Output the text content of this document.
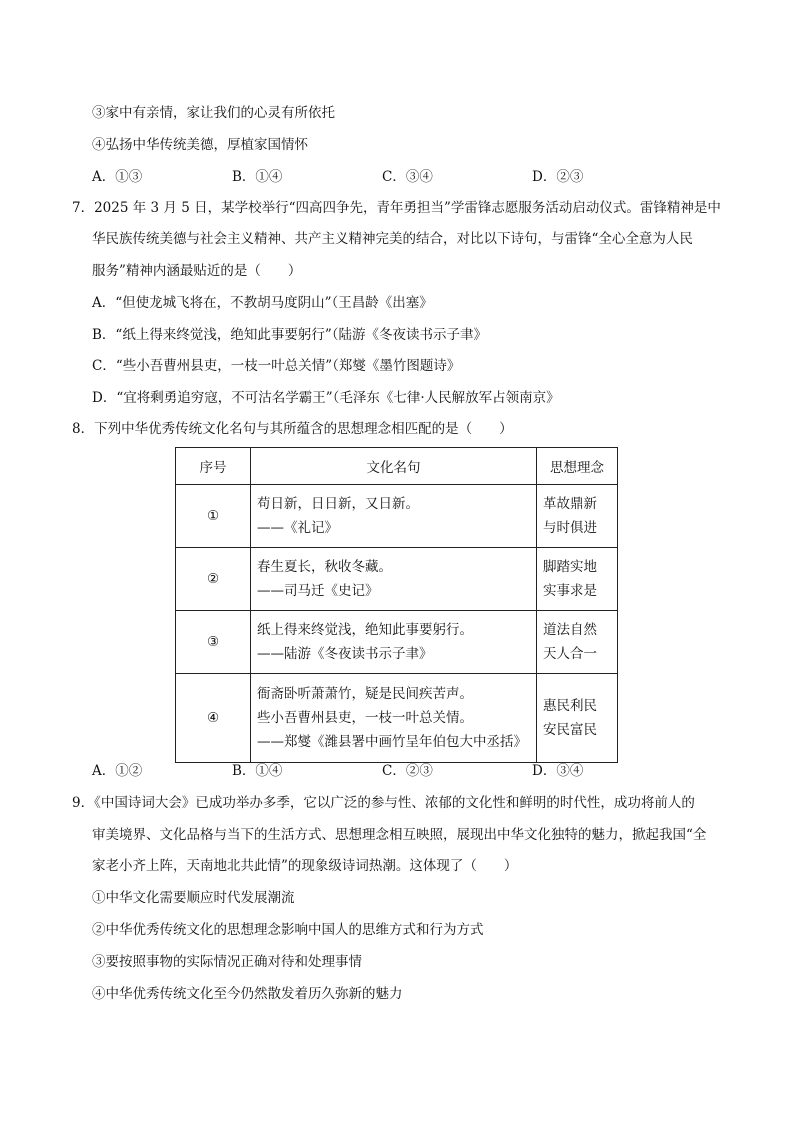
③家中有亲情，家让我们的心灵有所依托
④弘扬中华传统美德，厚植家国情怀
A．①③	B．①④	C．③④	D．②③
7．2025 年 3 月 5 日，某学校举行“四高四争先，青年勇担当”学雷锋志愿服务活动启动仪式。雷锋精神是中
华民族传统美德与社会主义精神、共产主义精神完美的结合，对比以下诗句，与雷锋“全心全意为人民
服务”精神内涵最贴近的是（　　）
A．“但使龙城飞将在，不教胡马度阴山”（王昌龄《出塞》
B．“纸上得来终觉浅，绝知此事要躬行”（陆游《冬夜读书示子聿》
C．“些小吾曹州县吏，一枝一叶总关情”（郑燮《墨竹图题诗》
D．“宜将剩勇追穷寇，不可沽名学霸王”（毛泽东《七律·人民解放军占领南京》
8．下列中华优秀传统文化名句与其所蕴含的思想理念相匹配的是（　　）
序号	文化名句	思想理念
①	苟日新，日日新，又日新。
——《礼记》	革故鼎新
与时俱进

②	春生夏长，秋收冬藏。
——司马迁《史记》	脚踏实地
实事求是

③	纸上得来终觉浅，绝知此事要躬行。
——陆游《冬夜读书示子聿》	道法自然
天人合一

④	衙斋卧听萧萧竹，疑是民间疾苦声。
些小吾曹州县吏，一枝一叶总关情。
——郑燮《潍县署中画竹呈年伯包大中丞括》	惠民利民
安民富民
A．①②	B．①④	C．②③	D．③④
9．《中国诗词大会》已成功举办多季，它以广泛的参与性、浓郁的文化性和鲜明的时代性，成功将前人的
审美境界、文化品格与当下的生活方式、思想理念相互映照，展现出中华文化独特的魅力，掀起我国“全
家老小齐上阵，天南地北共此情”的现象级诗词热潮。这体现了（　　）
①中华文化需要顺应时代发展潮流
②中华优秀传统文化的思想理念影响中国人的思维方式和行为方式
③要按照事物的实际情况正确对待和处理事情
④中华优秀传统文化至今仍然散发着历久弥新的魅力
